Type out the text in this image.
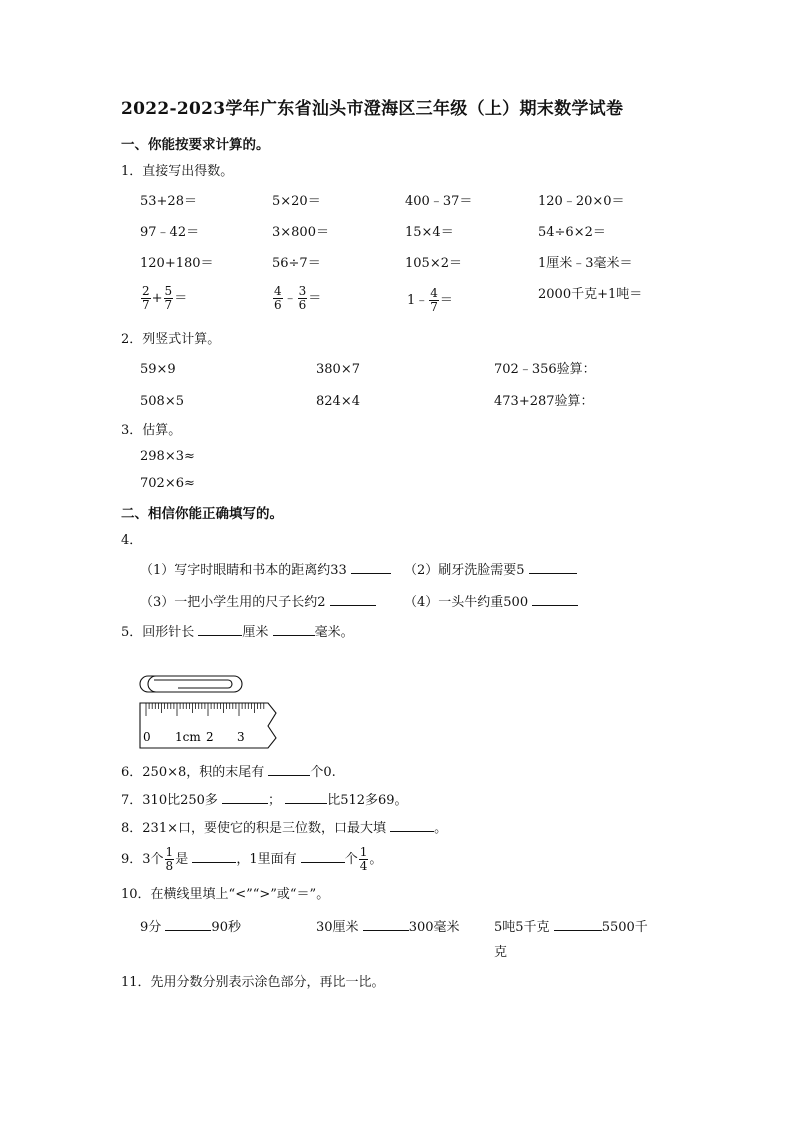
2022-2023学年广东省汕头市澄海区三年级（上）期末数学试卷
一、你能按要求计算的。
1．直接写出得数。
53+28＝	5×20＝	400﹣37＝	120﹣20×0＝
97﹣42＝	3×800＝	15×4＝	54÷6×2＝
120+180＝	56÷7＝	105×2＝	1厘米﹣3毫米＝
$\frac{2}{7} + \frac{5}{7}$ ＝	$\frac{4}{6}$ ﹣ $\frac{3}{6}$ ＝	1﹣ $\frac{4}{7}$ ＝	2000千克+1吨＝
2．列竖式计算。
59×9	380×7	702﹣356验算：
508×5	824×4	473+287验算：
3．估算。
298×3≈
702×6≈
二、相信你能正确填写的。
4．
（1）写字时眼睛和书本的距离约33	（2）刷牙洗脸需要5
（3）一把小学生用的尺子长约2	（4）一头牛约重500
5．回形针长	厘米	毫米。
0 1cm 2 3
6．250×8，积的末尾有	个0.
7．310比250多	；	比512多69。
8．231×口，要使它的积是三位数，口最大填	。
9．3个 $\frac{1}{8}$ 是	，1里面有	个 $\frac{1}{4}$ 。
10．在横线里填上“<”“>”或“＝”。
9分	90秒	30厘米	300毫米	5吨5千克	5500千
克
11．先用分数分别表示涂色部分，再比一比。
